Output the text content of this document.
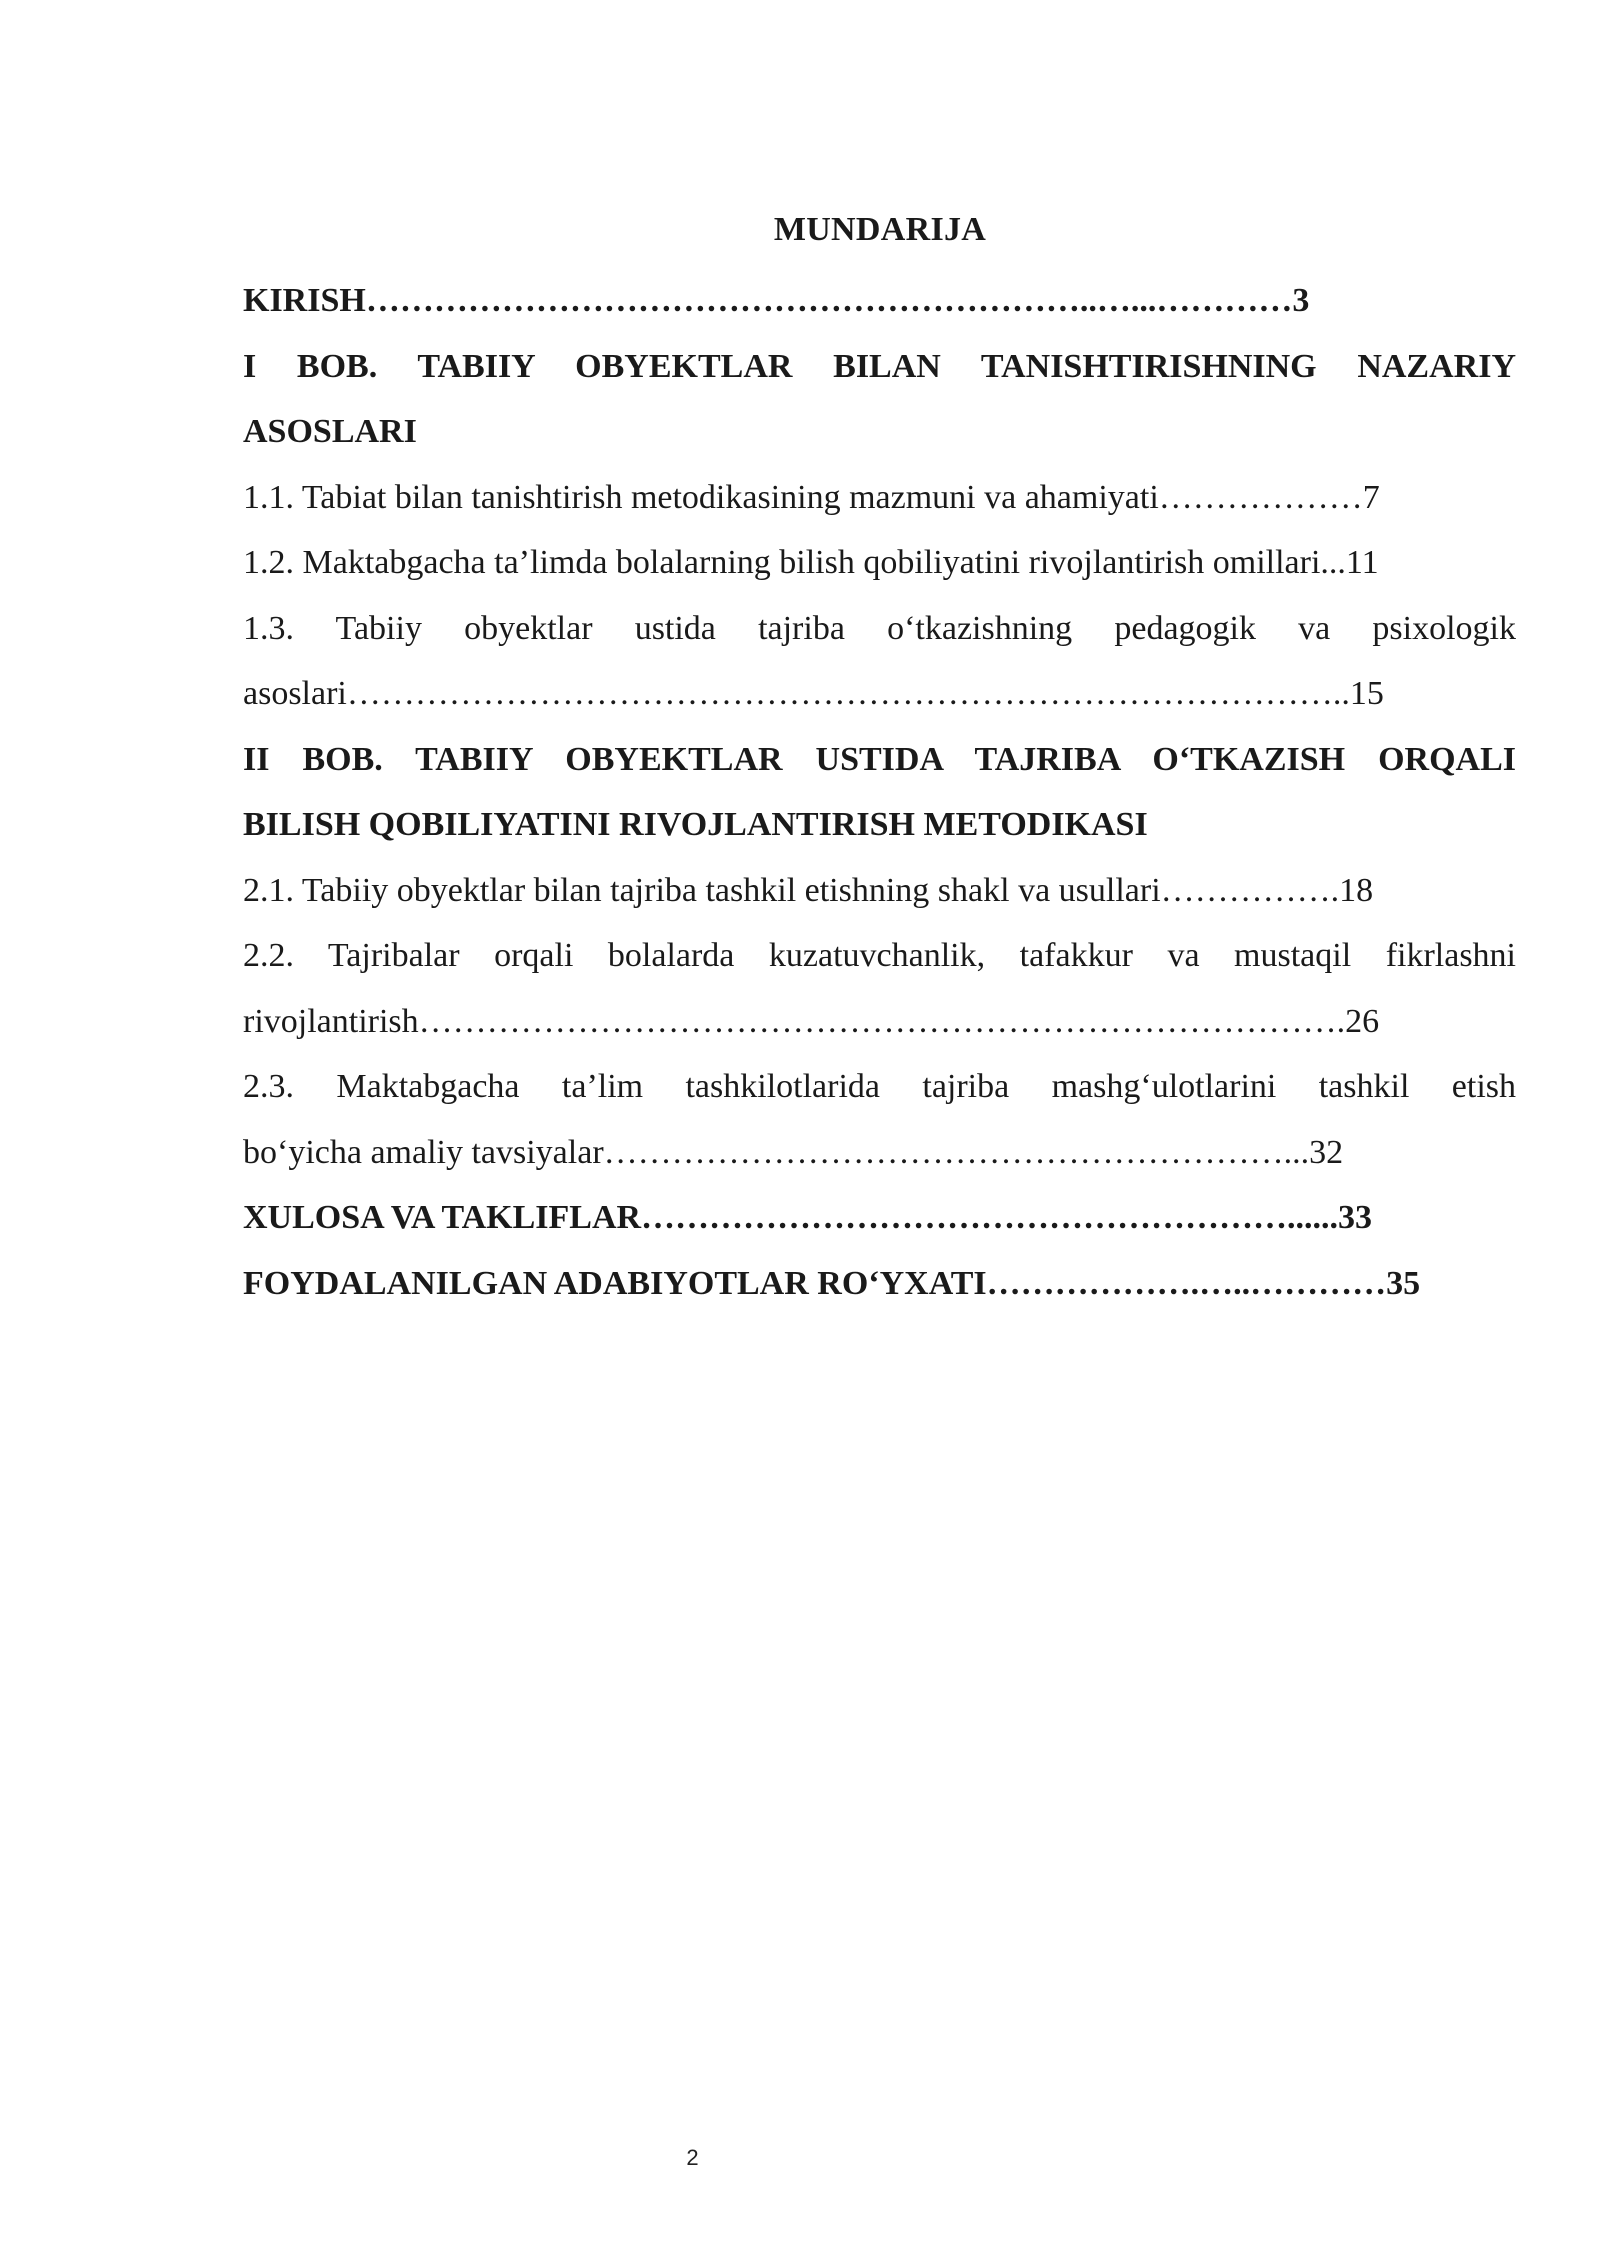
MUNDARIJA
KIRISH………………………………………………………..…...…………3
I BOB. TABIIY OBYEKTLAR BILAN TANISHTIRISHNING NAZARIY
ASOSLARI
1.1. Tabiat bilan tanishtirish metodikasining mazmuni va ahamiyati………………7
1.2. Maktabgacha ta’limda bolalarning bilish qobiliyatini rivojlantirish omillari...11
1.3. Tabiiy obyektlar ustida tajriba o‘tkazishning pedagogik va psixologik
asoslari……………………………………………………………………………..15
II BOB. TABIIY OBYEKTLAR USTIDA TAJRIBA O‘TKAZISH ORQALI
BILISH QOBILIYATINI RIVOJLANTIRISH METODIKASI
2.1. Tabiiy obyektlar bilan tajriba tashkil etishning shakl va usullari…………….18
2.2. Tajribalar orqali bolalarda kuzatuvchanlik, tafakkur va mustaqil fikrlashni
rivojlantirish……………………………………………………………………….26
2.3. Maktabgacha ta’lim tashkilotlarida tajriba mashg‘ulotlarini tashkil etish
bo‘yicha amaliy tavsiyalar……………………………………………………...32
XULOSA VA TAKLIFLAR…………………………………………………......33
FOYDALANILGAN ADABIYOTLAR RO‘YXATI……………….…..…………35
2
